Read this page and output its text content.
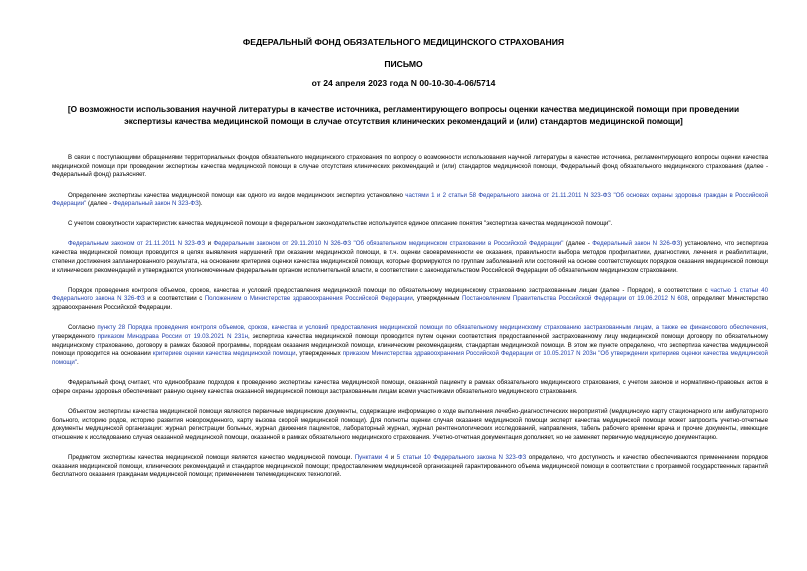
ФЕДЕРАЛЬНЫЙ ФОНД ОБЯЗАТЕЛЬНОГО МЕДИЦИНСКОГО СТРАХОВАНИЯ
ПИСЬМО
от 24 апреля 2023 года N 00-10-30-4-06/5714
[О возможности использования научной литературы в качестве источника, регламентирующего вопросы оценки качества медицинской помощи при проведении экспертизы качества медицинской помощи в случае отсутствия клинических рекомендаций и (или) стандартов медицинской помощи]

В связи с поступающими обращениями территориальных фондов обязательного медицинского страхования по вопросу о возможности использования научной литературы в качестве источника, регламентирующего вопросы оценки качества медицинской помощи при проведении экспертизы качества медицинской помощи в случае отсутствия клинических рекомендаций и (или) стандартов медицинской помощи, Федеральный фонд обязательного медицинского страхования (далее - Федеральный фонд) разъясняет.

Определение экспертизы качества медицинской помощи как одного из видов медицинских экспертиз установлено частями 1 и 2 статьи 58 Федерального закона от 21.11.2011 N 323-ФЗ "Об основах охраны здоровья граждан в Российской Федерации" (далее - Федеральный закон N 323-ФЗ).

С учетом совокупности характеристик качества медицинской помощи в федеральном законодательстве используется единое описание понятия "экспертиза качества медицинской помощи".

Федеральным законом от 21.11.2011 N 323-ФЗ и Федеральным законом от 29.11.2010 N 326-ФЗ "Об обязательном медицинском страховании в Российской Федерации" (далее - Федеральный закон N 326-ФЗ) установлено, что экспертиза качества медицинской помощи проводится в целях выявления нарушений при оказании медицинской помощи, в т.ч. оценки своевременности ее оказания, правильности выбора методов профилактики, диагностики, лечения и реабилитации, степени достижения запланированного результата, на основании критериев оценки качества медицинской помощи, которые формируются по группам заболеваний или состояний на основе соответствующих порядков оказания медицинской помощи и клинических рекомендаций и утверждаются уполномоченным федеральным органом исполнительной власти, в соответствии с законодательством Российской Федерации об обязательном медицинском страховании.

Порядок проведения контроля объемов, сроков, качества и условий предоставления медицинской помощи по обязательному медицинскому страхованию застрахованным лицам (далее - Порядок), в соответствии с частью 1 статьи 40 Федерального закона N 326-ФЗ и в соответствии с Положением о Министерстве здравоохранения Российской Федерации, утвержденным Постановлением Правительства Российской Федерации от 19.06.2012 N 608, определяет Министерство здравоохранения Российской Федерации.

Согласно пункту 28 Порядка проведения контроля объемов, сроков, качества и условий предоставления медицинской помощи по обязательному медицинскому страхованию застрахованным лицам, а также ее финансового обеспечения, утвержденного приказом Минздрава России от 19.03.2021 N 231н, экспертиза качества медицинской помощи проводится путем оценки соответствия предоставленной застрахованному лицу медицинской помощи договору по обязательному медицинскому страхованию, договору в рамках базовой программы, порядкам оказания медицинской помощи, клиническим рекомендациям, стандартам медицинской помощи. В этом же пункте определено, что экспертиза качества медицинской помощи проводится на основании критериев оценки качества медицинской помощи, утвержденных приказом Министерства здравоохранения Российской Федерации от 10.05.2017 N 203н "Об утверждении критериев оценки качества медицинской помощи".

Федеральный фонд считает, что единообразие подходов к проведению экспертизы качества медицинской помощи, оказанной пациенту в рамках обязательного медицинского страхования, с учетом законов и нормативно-правовых актов в сфере охраны здоровья обеспечивает равную оценку качества оказанной медицинской помощи застрахованным лицам всеми участниками обязательного медицинского страхования.

Объектом экспертизы качества медицинской помощи являются первичные медицинские документы, содержащие информацию о ходе выполнения лечебно-диагностических мероприятий (медицинскую карту стационарного или амбулаторного больного, историю родов, историю развития новорожденного, карту вызова скорой медицинской помощи). Для полноты оценки случая оказания медицинской помощи эксперт качества медицинской помощи может запросить учетно-отчетные документы медицинской организации: журнал регистрации больных, журнал движения пациентов, лабораторный журнал, журнал рентгенологических исследований, направления, табель рабочего времени врача и прочие документы, имеющие отношение к исследованию случая оказанной медицинской помощи, оказанной в рамках обязательного медицинского страхования. Учетно-отчетная документация дополняет, но не заменяет первичную медицинскую документацию.

Предметом экспертизы качества медицинской помощи является качество медицинской помощи. Пунктами 4 и 5 статьи 10 Федерального закона N 323-ФЗ определено, что доступность и качество обеспечиваются применением порядков оказания медицинской помощи, клинических рекомендаций и стандартов медицинской помощи; предоставлением медицинской организацией гарантированного объема медицинской помощи в соответствии с программой государственных гарантий бесплатного оказания гражданам медицинской помощи; применением телемедицинских технологий.
